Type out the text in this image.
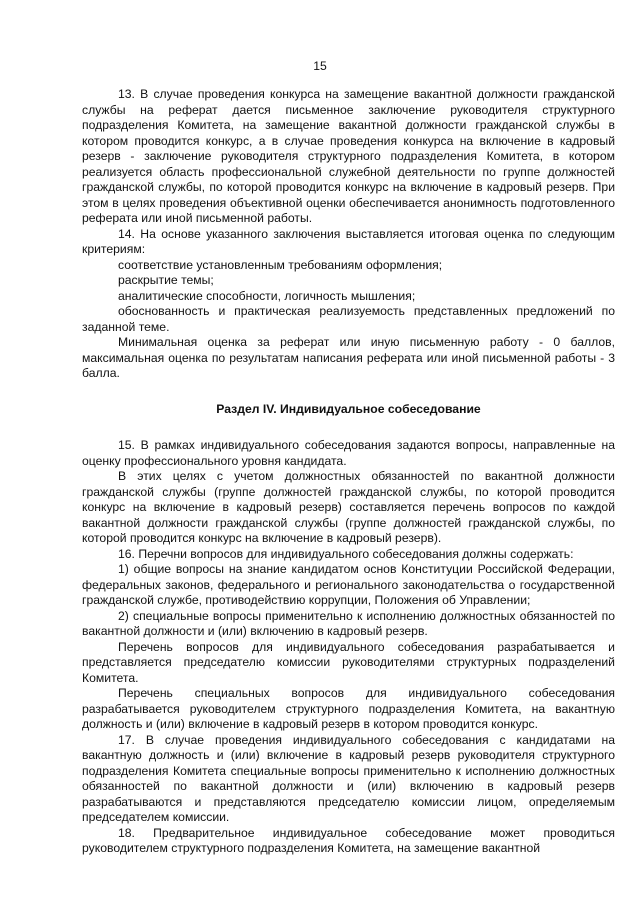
15

13. В случае проведения конкурса на замещение вакантной должности гражданской службы на реферат дается письменное заключение руководителя структурного подразделения Комитета, на замещение вакантной должности гражданской службы в котором проводится конкурс, а в случае проведения конкурса на включение в кадровый резерв - заключение руководителя структурного подразделения Комитета, в котором реализуется область профессиональной служебной деятельности по группе должностей гражданской службы, по которой проводится конкурс на включение в кадровый резерв. При этом в целях проведения объективной оценки обеспечивается анонимность подготовленного реферата или иной письменной работы.

14. На основе указанного заключения выставляется итоговая оценка по следующим критериям:

соответствие установленным требованиям оформления;

раскрытие темы;

аналитические способности, логичность мышления;

обоснованность и практическая реализуемость представленных предложений по заданной теме.

Минимальная оценка за реферат или иную письменную работу - 0 баллов, максимальная оценка по результатам написания реферата или иной письменной работы - 3 балла.

Раздел IV. Индивидуальное собеседование

15. В рамках индивидуального собеседования задаются вопросы, направленные на оценку профессионального уровня кандидата.

В этих целях с учетом должностных обязанностей по вакантной должности гражданской службы (группе должностей гражданской службы, по которой проводится конкурс на включение в кадровый резерв) составляется перечень вопросов по каждой вакантной должности гражданской службы (группе должностей гражданской службы, по которой проводится конкурс на включение в кадровый резерв).

16. Перечни вопросов для индивидуального собеседования должны содержать:

1) общие вопросы на знание кандидатом основ Конституции Российской Федерации, федеральных законов, федерального и регионального законодательства о государственной гражданской службе, противодействию коррупции, Положения об Управлении;

2) специальные вопросы применительно к исполнению должностных обязанностей по вакантной должности и (или) включению в кадровый резерв.

Перечень вопросов для индивидуального собеседования разрабатывается и представляется председателю комиссии руководителями структурных подразделений Комитета.

Перечень специальных вопросов для индивидуального собеседования разрабатывается руководителем структурного подразделения Комитета, на вакантную должность и (или) включение в кадровый резерв в котором проводится конкурс.

17. В случае проведения индивидуального собеседования с кандидатами на вакантную должность и (или) включение в кадровый резерв руководителя структурного подразделения Комитета специальные вопросы применительно к исполнению должностных обязанностей по вакантной должности и (или) включению в кадровый резерв разрабатываются и представляются председателю комиссии лицом, определяемым председателем комиссии.

18. Предварительное индивидуальное собеседование может проводиться руководителем структурного подразделения Комитета, на замещение вакантной
